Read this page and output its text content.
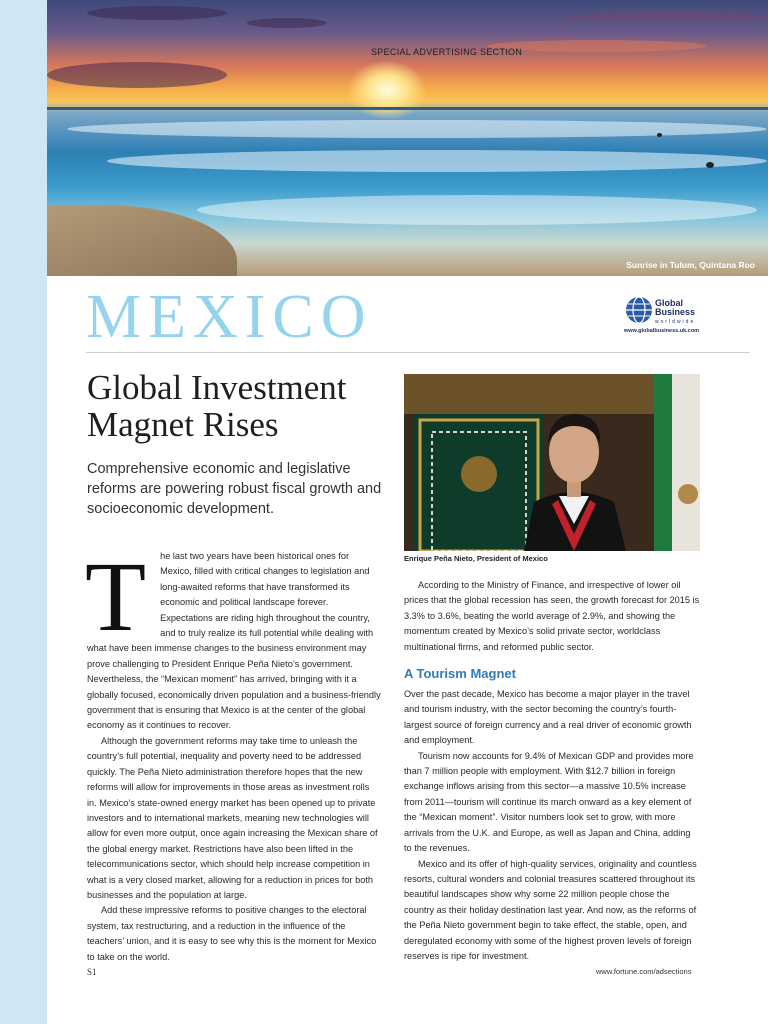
SPECIAL ADVERTISING SECTION
Sunrise in Tulum, Quintana Roo
MEXICO	Global
Business
worldwide
www.globalbusiness.uk.com
Global Investment Magnet Rises
Comprehensive economic and legislative reforms are powering robust fiscal growth and socioeconomic development.
Enrique Peña Nieto, President of Mexico
T	he last two years have been historical ones for Mexico, filled with critical changes to legislation and long-awaited reforms that have transformed its economic and political landscape forever. Expectations are riding high throughout the country, and to truly realize its full potential while dealing with what have been immense changes to the business environment may prove challenging to President Enrique Peña Nieto’s government. Nevertheless, the “Mexican moment” has arrived, bringing with it a globally focused, economically driven population and a business-friendly government that is ensuring that Mexico is at the center of the global economy as it continues to recover.

Although the government reforms may take time to unleash the country’s full potential, inequality and poverty need to be addressed quickly. The Peña Nieto administration therefore hopes that the new reforms will allow for improvements in those areas as investment rolls in. Mexico’s state-owned energy market has been opened up to private investors and to international markets, meaning new technologies will allow for even more output, once again increasing the Mexican share of the global energy market. Restrictions have also been lifted in the telecommunications sector, which should help increase competition in what is a very closed market, allowing for a reduction in prices for both businesses and the population at large.

Add these impressive reforms to positive changes to the electoral system, tax restructuring, and a reduction in the influence of the teachers’ union, and it is easy to see why this is the moment for Mexico to take on the world.

According to the Ministry of Finance, and irrespective of lower oil prices that the global recession has seen, the growth forecast for 2015 is 3.3% to 3.6%, beating the world average of 2.9%, and showing the momentum created by Mexico’s solid private sector, worldclass multinational firms, and reformed public sector.

A Tourism Magnet

Over the past decade, Mexico has become a major player in the travel and tourism industry, with the sector becoming the country’s fourth-largest source of foreign currency and a real driver of economic growth and employment.

Tourism now accounts for 9.4% of Mexican GDP and provides more than 7 million people with employment. With $12.7 billion in foreign exchange inflows arising from this sector—a massive 10.5% increase from 2011—tourism will continue its march onward as a key element of the “Mexican moment”. Visitor numbers look set to grow, with more arrivals from the U.K. and Europe, as well as Japan and China, adding to the revenues.

Mexico and its offer of high-quality services, originality and countless resorts, cultural wonders and colonial treasures scattered throughout its beautiful landscapes show why some 22 million people chose the country as their holiday destination last year. And now, as the reforms of the Peña Nieto government begin to take effect, the stable, open, and deregulated economy with some of the highest proven levels of foreign reserves is ripe for investment.

S1	www.fortune.com/adsections
